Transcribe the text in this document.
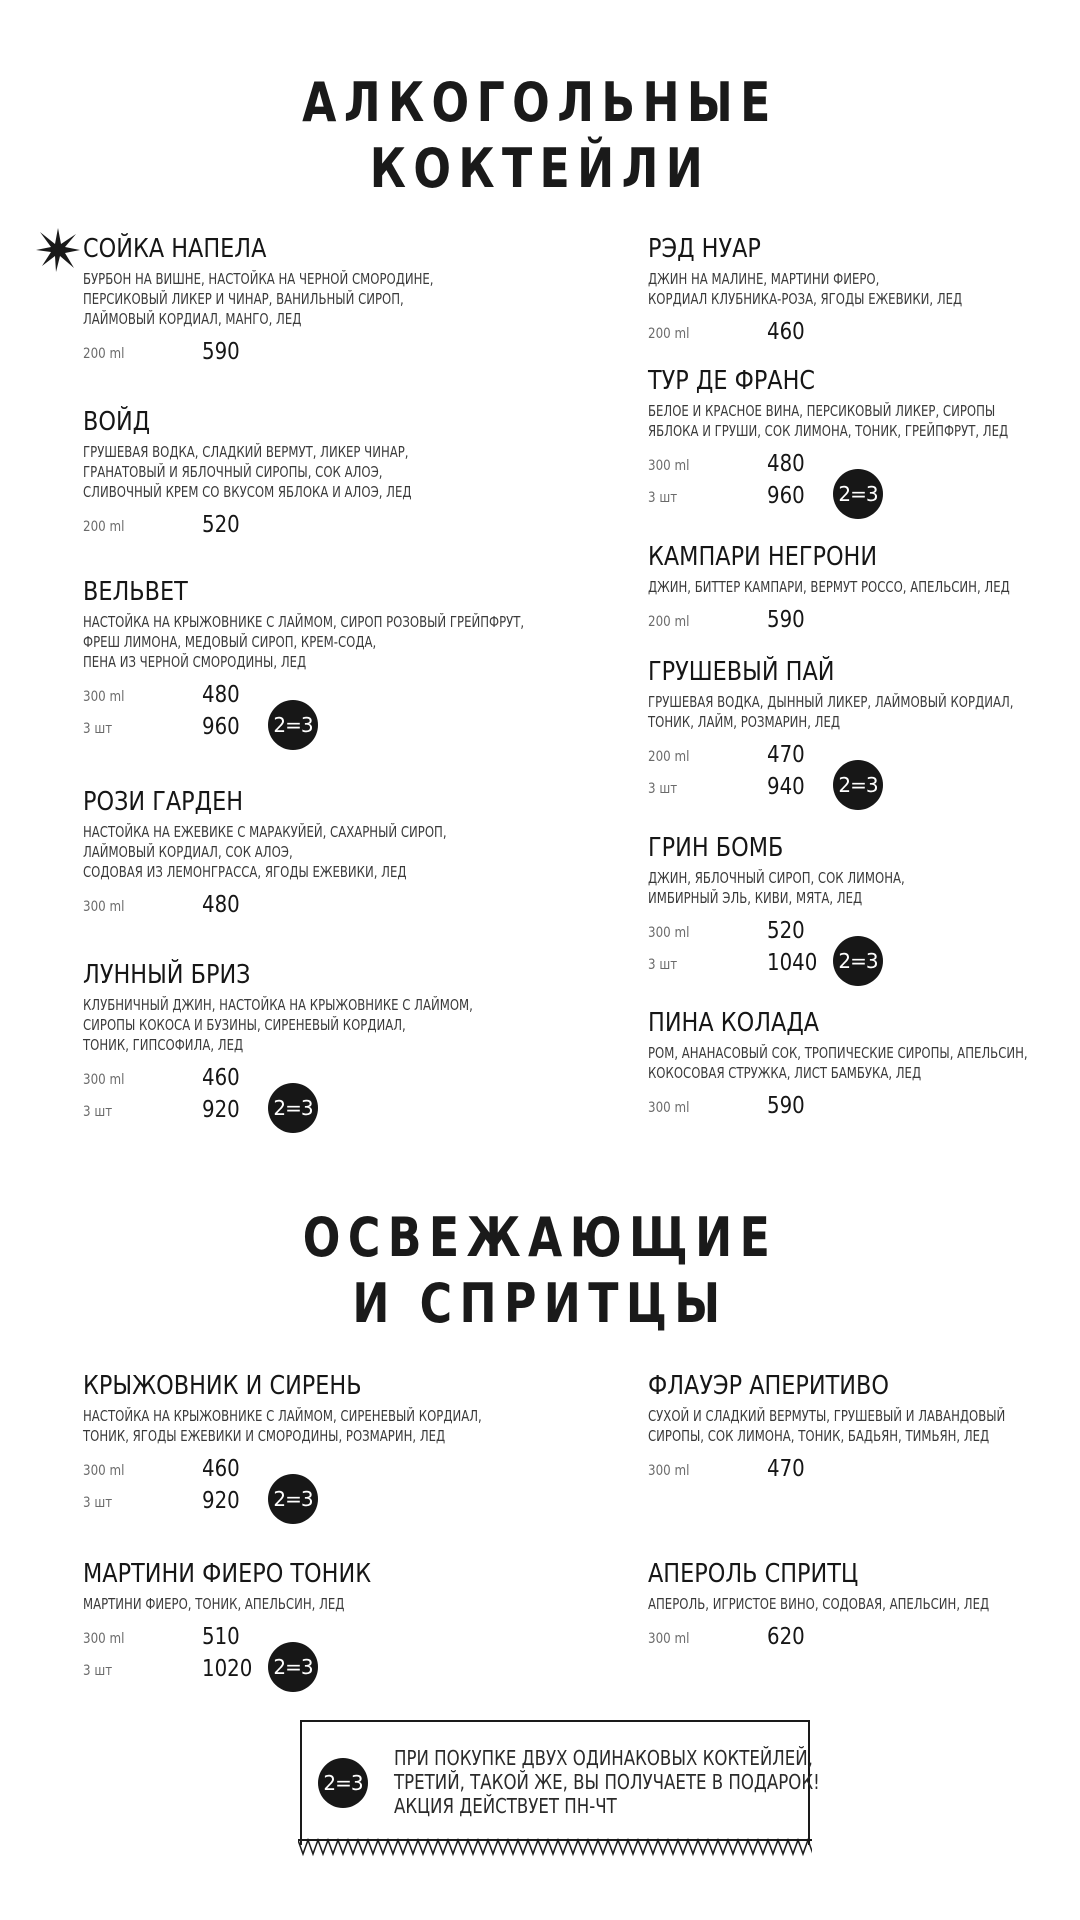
АЛКОГОЛЬНЫЕ
КОКТЕЙЛИ
СОЙКА НАПЕЛА
БУРБОН НА ВИШНЕ, НАСТОЙКА НА ЧЕРНОЙ СМОРОДИНЕ,
ПЕРСИКОВЫЙ ЛИКЕР И ЧИНАР, ВАНИЛЬНЫЙ СИРОП,
ЛАЙМОВЫЙ КОРДИАЛ, МАНГО, ЛЕД
200 ml	590
ВОЙД
ГРУШЕВАЯ ВОДКА, СЛАДКИЙ ВЕРМУТ, ЛИКЕР ЧИНАР,
ГРАНАТОВЫЙ И ЯБЛОЧНЫЙ СИРОПЫ, СОК АЛОЭ,
СЛИВОЧНЫЙ КРЕМ СО ВКУСОМ ЯБЛОКА И АЛОЭ, ЛЕД
200 ml	520
ВЕЛЬВЕТ
НАСТОЙКА НА КРЫЖОВНИКЕ С ЛАЙМОМ, СИРОП РОЗОВЫЙ ГРЕЙПФРУТ,
ФРЕШ ЛИМОНА, МЕДОВЫЙ СИРОП, КРЕМ-СОДА,
ПЕНА ИЗ ЧЕРНОЙ СМОРОДИНЫ, ЛЕД
300 ml	480
3 шт	960 2=3
РОЗИ ГАРДЕН
НАСТОЙКА НА ЕЖЕВИКЕ С МАРАКУЙЕЙ, САХАРНЫЙ СИРОП,
ЛАЙМОВЫЙ КОРДИАЛ, СОК АЛОЭ,
СОДОВАЯ ИЗ ЛЕМОНГРАССА, ЯГОДЫ ЕЖЕВИКИ, ЛЕД
300 ml	480
ЛУННЫЙ БРИЗ
КЛУБНИЧНЫЙ ДЖИН, НАСТОЙКА НА КРЫЖОВНИКЕ С ЛАЙМОМ,
СИРОПЫ КОКОСА И БУЗИНЫ, СИРЕНЕВЫЙ КОРДИАЛ,
ТОНИК, ГИПСОФИЛА, ЛЕД
300 ml	460
3 шт	920 2=3
РЭД НУАР
ДЖИН НА МАЛИНЕ, МАРТИНИ ФИЕРО,
КОРДИАЛ КЛУБНИКА-РОЗА, ЯГОДЫ ЕЖЕВИКИ, ЛЕД
200 ml	460
ТУР ДЕ ФРАНС
БЕЛОЕ И КРАСНОЕ ВИНА, ПЕРСИКОВЫЙ ЛИКЕР, СИРОПЫ
ЯБЛОКА И ГРУШИ, СОК ЛИМОНА, ТОНИК, ГРЕЙПФРУТ, ЛЕД
300 ml	480
3 шт	960 2=3
КАМПАРИ НЕГРОНИ
ДЖИН, БИТТЕР КАМПАРИ, ВЕРМУТ РОССО, АПЕЛЬСИН, ЛЕД
200 ml	590
ГРУШЕВЫЙ ПАЙ
ГРУШЕВАЯ ВОДКА, ДЫННЫЙ ЛИКЕР, ЛАЙМОВЫЙ КОРДИАЛ,
ТОНИК, ЛАЙМ, РОЗМАРИН, ЛЕД
200 ml	470
3 шт	940 2=3
ГРИН БОМБ
ДЖИН, ЯБЛОЧНЫЙ СИРОП, СОК ЛИМОНА,
ИМБИРНЫЙ ЭЛЬ, КИВИ, МЯТА, ЛЕД
300 ml	520
3 шт	1040 2=3
ПИНА КОЛАДА
РОМ, АНАНАСОВЫЙ СОК, ТРОПИЧЕСКИЕ СИРОПЫ, АПЕЛЬСИН,
КОКОСОВАЯ СТРУЖКА, ЛИСТ БАМБУКА, ЛЕД
300 ml	590
ОСВЕЖАЮЩИЕ
И СПРИТЦЫ
КРЫЖОВНИК И СИРЕНЬ
НАСТОЙКА НА КРЫЖОВНИКЕ С ЛАЙМОМ, СИРЕНЕВЫЙ КОРДИАЛ,
ТОНИК, ЯГОДЫ ЕЖЕВИКИ И СМОРОДИНЫ, РОЗМАРИН, ЛЕД
300 ml	460
3 шт	920 2=3
МАРТИНИ ФИЕРО ТОНИК
МАРТИНИ ФИЕРО, ТОНИК, АПЕЛЬСИН, ЛЕД
300 ml	510
3 шт	1020 2=3
ФЛАУЭР АПЕРИТИВО
СУХОЙ И СЛАДКИЙ ВЕРМУТЫ, ГРУШЕВЫЙ И ЛАВАНДОВЫЙ
СИРОПЫ, СОК ЛИМОНА, ТОНИК, БАДЬЯН, ТИМЬЯН, ЛЕД
300 ml	470
АПЕРОЛЬ СПРИТЦ
АПЕРОЛЬ, ИГРИСТОЕ ВИНО, СОДОВАЯ, АПЕЛЬСИН, ЛЕД
300 ml	620
2=3
ПРИ ПОКУПКЕ ДВУХ ОДИНАКОВЫХ КОКТЕЙЛЕЙ,
ТРЕТИЙ, ТАКОЙ ЖЕ, ВЫ ПОЛУЧАЕТЕ В ПОДАРОК!
АКЦИЯ ДЕЙСТВУЕТ ПН-ЧТ
